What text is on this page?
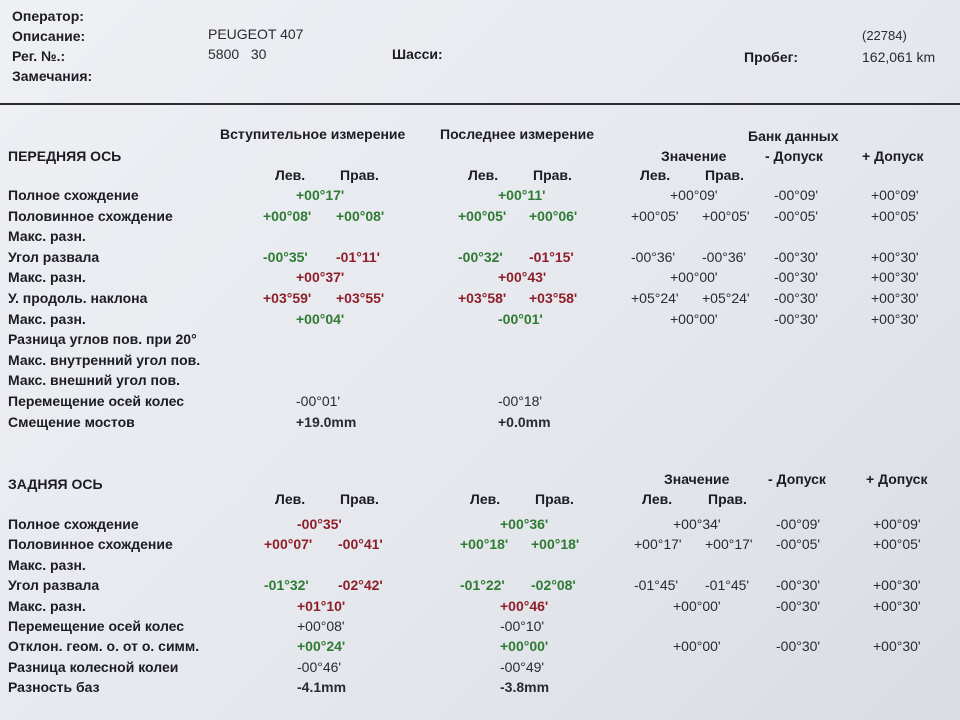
Оператор:
Описание:	PEUGEOT 407
Рег. №.:	5800   30	Шасси:
(22784)
Пробег:	162,061 km
Замечания:
Вступительное измерение Последнее измерение	Банк данных
ПЕРЕДНЯЯ ОСЬ	Значение	- Допуск	+ Допуск
Лев. Прав.	Лев. Прав.	Лев. Прав.
Полное схождение	+00°17'	+00°11'	+00°09'	-00°09'	+00°09'
Половинное схождение	+00°08' +00°08'	+00°05' +00°06'	+00°05' +00°05' -00°05'	+00°05'
Макс. разн.
Угол развала	-00°35' -01°11'	-00°32' -01°15'	-00°36' -00°36' -00°30'	+00°30'
Макс. разн.	+00°37'	+00°43'	+00°00'	-00°30'	+00°30'
У. продоль. наклона	+03°59' +03°55'	+03°58' +03°58'	+05°24' +05°24' -00°30'	+00°30'
Макс. разн.	+00°04'	-00°01'	+00°00'	-00°30'	+00°30'
Разница углов пов. при 20°
Макс. внутренний угол пов.
Макс. внешний угол пов.
Перемещение осей колес	-00°01'	-00°18'
Смещение мостов	+19.0mm	+0.0mm
ЗАДНЯЯ ОСЬ	Значение	- Допуск	+ Допуск
Лев. Прав.	Лев. Прав.	Лев.	Прав.
Полное схождение	-00°35'	+00°36'	+00°34'	-00°09'	+00°09'
Половинное схождение	+00°07' -00°41'	+00°18' +00°18'	+00°17' +00°17' -00°05'	+00°05'
Макс. разн.
Угол развала	-01°32' -02°42'	-01°22' -02°08'	-01°45' -01°45' -00°30'	+00°30'
Макс. разн.	+01°10'	+00°46'	+00°00'	-00°30'	+00°30'
Перемещение осей колес	+00°08'	-00°10'
Отклон. геом. о. от о. симм.	+00°24'	+00°00'	+00°00'	-00°30'	+00°30'
Разница колесной колеи	-00°46'	-00°49'
Разность баз	-4.1mm	-3.8mm
